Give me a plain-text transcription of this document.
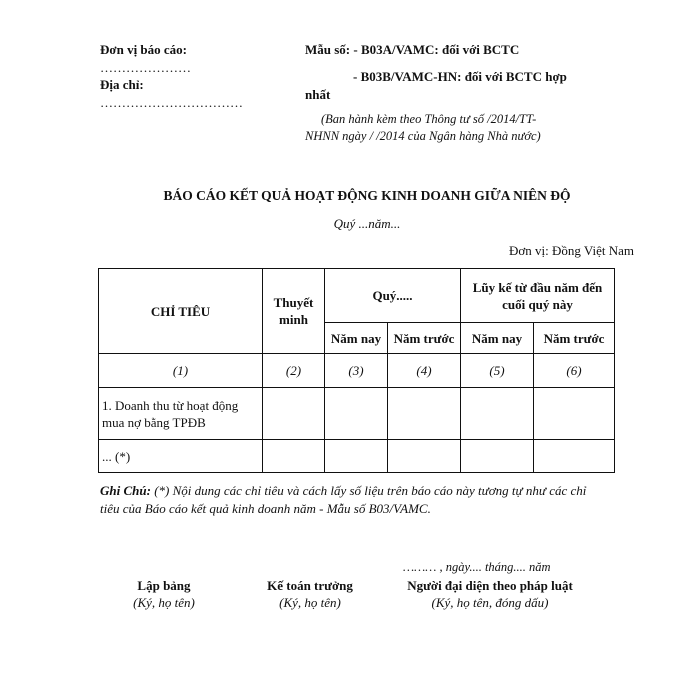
Đơn vị báo cáo:
…………………
Địa chỉ:
……………………………
Mẫu số: - B03A/VAMC: đối với BCTC
- B03B/VAMC-HN: đối với BCTC hợp
nhất
(Ban hành kèm theo Thông tư số /2014/TT-
NHNN ngày / /2014 của Ngân hàng Nhà nước)
BÁO CÁO KẾT QUẢ HOẠT ĐỘNG KINH DOANH GIỮA NIÊN ĐỘ
Quý ...năm...
Đơn vị: Đồng Việt Nam
CHỈ TIÊU	Thuyết minh	Quý.....		Lũy kế từ đầu năm đến cuối quý này	
		Năm nay	Năm trước	Năm nay	Năm trước
(1)	(2)	(3)	(4)	(5)	(6)
1. Doanh thu từ hoạt động mua nợ bằng TPĐB					
... (*)					
Ghi Chú: (*) Nội dung các chỉ tiêu và cách lấy số liệu trên báo cáo này tương tự như các chỉ
tiêu của Báo cáo kết quả kinh doanh năm - Mẫu số B03/VAMC.
……… , ngày.... tháng.... năm
Lập bảng
(Ký, họ tên)
Kế toán trưởng
(Ký, họ tên)
Người đại diện theo pháp luật
(Ký, họ tên, đóng dấu)
